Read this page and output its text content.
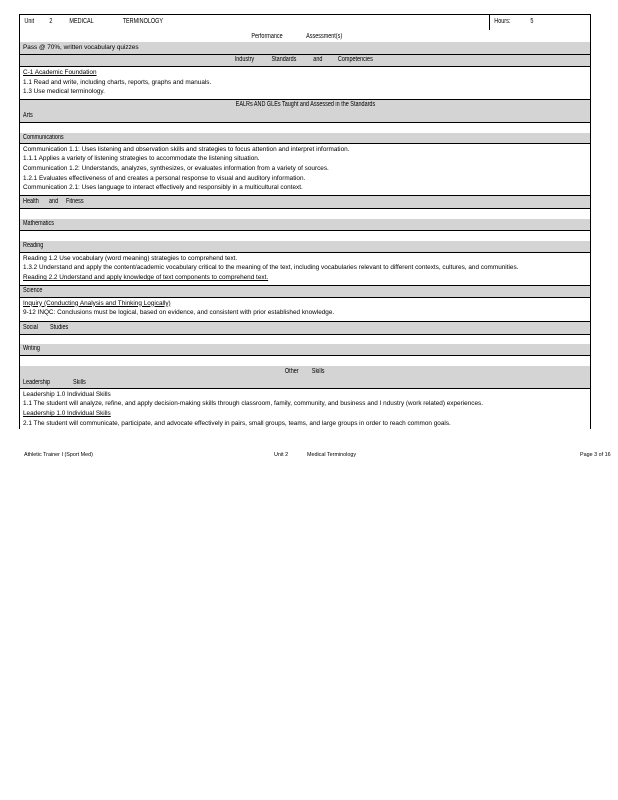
Unit 2 MEDICAL	TERMINOLOGY	Hours:	5
Performance	Assessment(s)
Pass @ 70%, written vocabulary quizzes
Industry	Standards and Competencies
C-1 Academic Foundation
1.1 Read and write, including charts, reports, graphs and manuals.
1.3 Use medical terminology.
EALRs AND GLEs Taught and Assessed in the Standards
Arts
Communications
Communication 1.1: Uses listening and observation skills and strategies to focus attention and interpret information.
1.1.1 Applies a variety of listening strategies to accommodate the listening situation.
Communication 1.2: Understands, analyzes, synthesizes, or evaluates information from a variety of sources.
1.2.1 Evaluates effectiveness of and creates a personal response to visual and auditory information.
Communication 2.1: Uses language to interact effectively and responsibly in a multicultural context.
Health and Fitness
Mathematics
Reading
Reading 1.2 Use vocabulary (word meaning) strategies to comprehend text.
1.3.2 Understand and apply the content/academic vocabulary critical to the meaning of the text, including vocabularies relevant to different contexts, cultures, and communities.
Reading 2.2 Understand and apply knowledge of text components to comprehend text.
Science
Inquiry (Conducting Analysis and Thinking Logically)
9-12 INQC: Conclusions must be logical, based on evidence, and consistent with prior established knowledge.
Social Studies
Writing
Other Skills
Leadership	Skills
Leadership 1.0 Individual Skills
1.1 The student will analyze, refine, and apply decision-making skills through classroom, family, community, and business and I ndustry (work related) experiences.
Leadership 1.0 Individual Skills
2.1 The student will communicate, participate, and advocate effectively in pairs, small groups, teams, and large groups in order to reach common goals.
Athletic Trainer I (Sport Med)	Unit 2	Medical Terminology	Page 3 of 16
